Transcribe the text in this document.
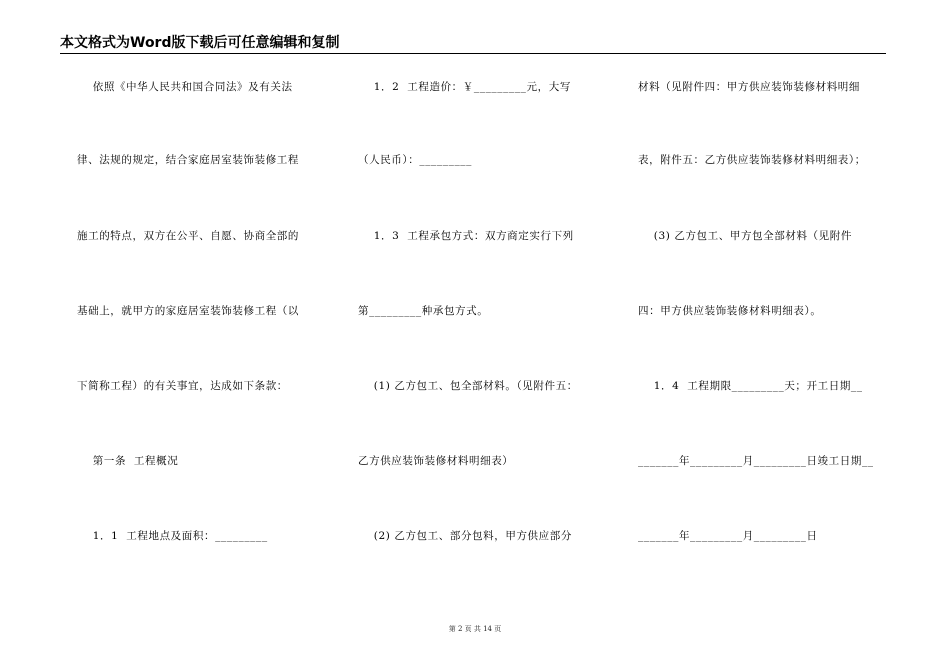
本文格式为Word版下载后可任意编辑和复制
依照《中华人民共和国合同法》及有关法
律、法规的规定，结合家庭居室装饰装修工程
施工的特点，双方在公平、自愿、协商全部的
基础上，就甲方的家庭居室装饰装修工程（以
下简称工程）的有关事宜，达成如下条款：
第一条  工程概况
1．1  工程地点及面积：_________
1．2  工程造价：￥_________元，大写
（人民币）：_________
1．3  工程承包方式：双方商定实行下列
第_________种承包方式。
(1) 乙方包工、包全部材料。（见附件五：
乙方供应装饰装修材料明细表）
(2) 乙方包工、部分包料，甲方供应部分
材料（见附件四：甲方供应装饰装修材料明细
表，附件五：乙方供应装饰装修材料明细表）；
(3) 乙方包工、甲方包全部材料（见附件
四：甲方供应装饰装修材料明细表）。
1．4  工程期限_________天；开工日期__
_______年_________月_________日竣工日期__
_______年_________月_________日
第 2 页 共 14 页
